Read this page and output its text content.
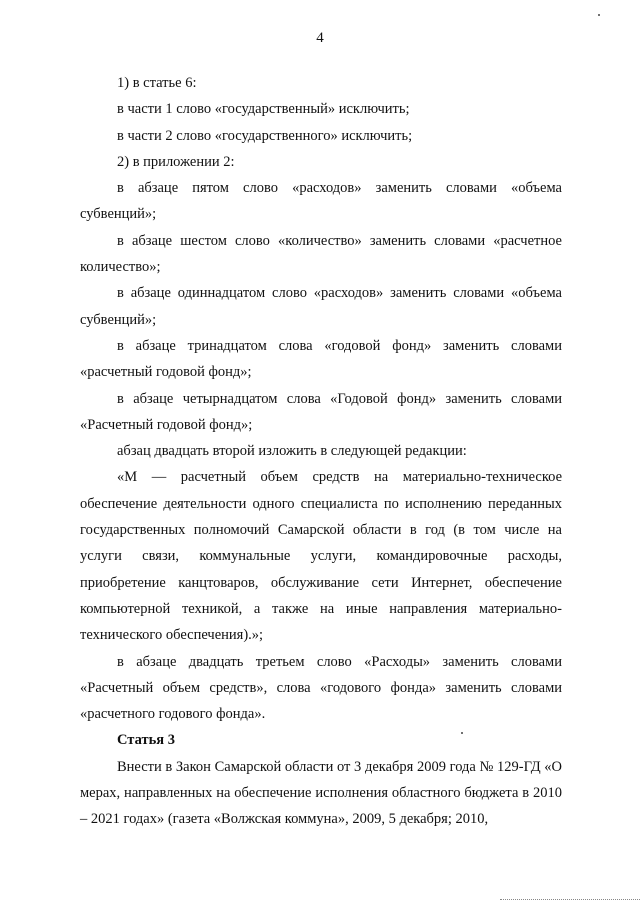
4

1) в статье 6:

в части 1 слово «государственный» исключить;

в части 2 слово «государственного» исключить;

2) в приложении 2:

в абзаце пятом слово «расходов» заменить словами «объема субвенций»;

в абзаце шестом слово «количество» заменить словами «расчетное количество»;

в абзаце одиннадцатом слово «расходов» заменить словами «объема субвенций»;

в абзаце тринадцатом слова «годовой фонд» заменить словами «расчетный годовой фонд»;

в абзаце четырнадцатом слова «Годовой фонд» заменить словами «Расчетный годовой фонд»;

абзац двадцать второй изложить в следующей редакции:

«М — расчетный объем средств на материально-техническое обеспечение деятельности одного специалиста по исполнению переданных государственных полномочий Самарской области в год (в том числе на услуги связи, коммунальные услуги, командировочные расходы, приобретение канцтоваров, обслуживание сети Интернет, обеспечение компьютерной техникой, а также на иные направления материально-технического обеспечения).»;

в абзаце двадцать третьем слово «Расходы» заменить словами «Расчетный объем средств», слова «годового фонда» заменить словами «расчетного годового фонда».

Статья 3

Внести в Закон Самарской области от 3 декабря 2009 года № 129-ГД «О мерах, направленных на обеспечение исполнения областного бюджета в 2010 – 2021 годах» (газета «Волжская коммуна», 2009, 5 декабря; 2010,
